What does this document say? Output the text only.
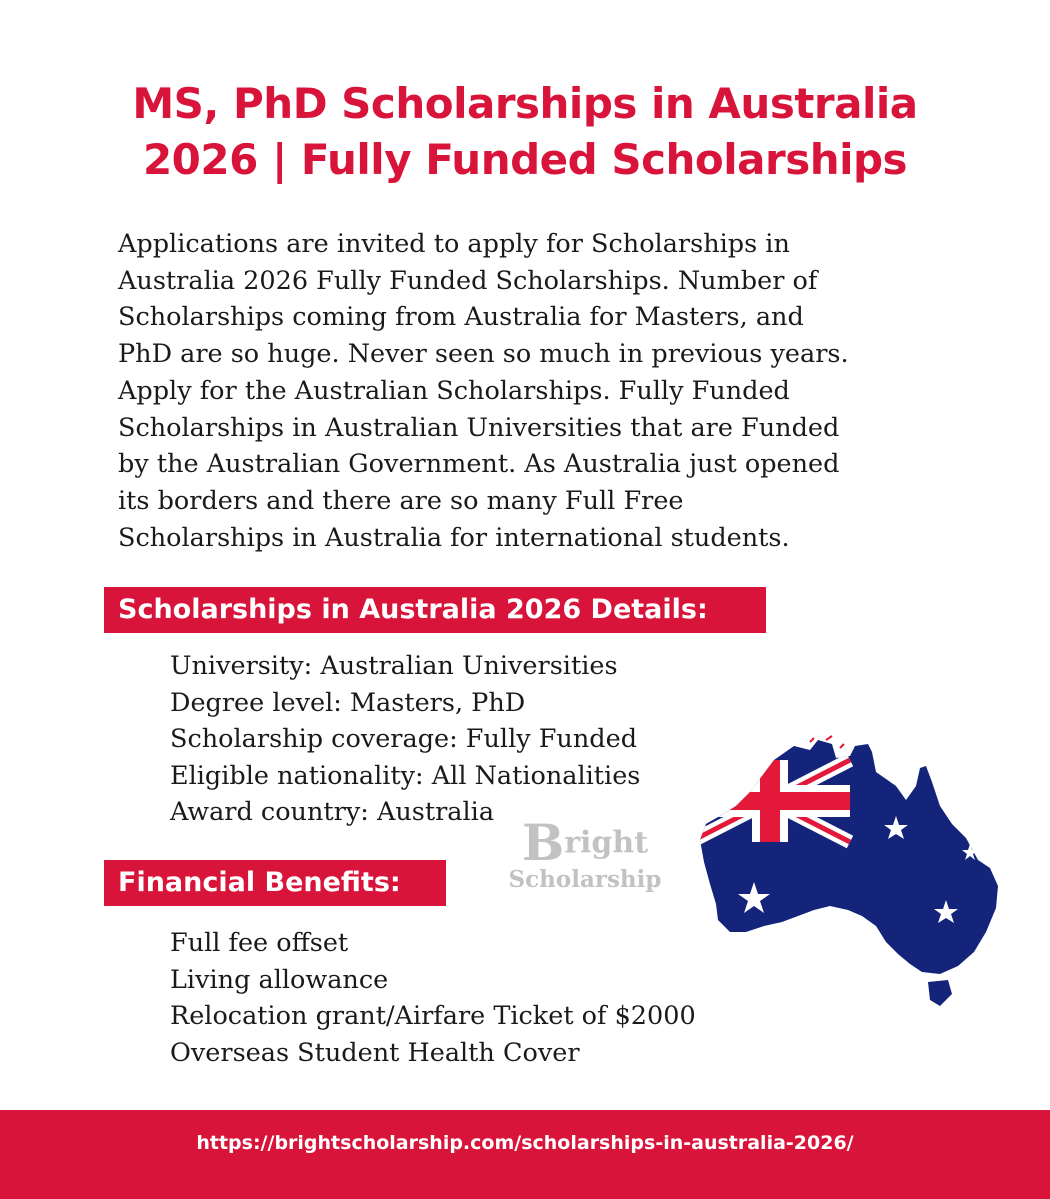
MS, PhD Scholarships in Australia
2026 | Fully Funded Scholarships

Applications are invited to apply for Scholarships in
Australia 2026 Fully Funded Scholarships. Number of
Scholarships coming from Australia for Masters, and
PhD are so huge. Never seen so much in previous years.
Apply for the Australian Scholarships. Fully Funded
Scholarships in Australian Universities that are Funded
by the Australian Government. As Australia just opened
its borders and there are so many Full Free
Scholarships in Australia for international students.

Scholarships in Australia 2026 Details:
University: Australian Universities
Degree level: Masters, PhD
Scholarship coverage: Fully Funded
Eligible nationality: All Nationalities
Award country: Australia
Bright
Scholarship
Financial Benefits:
Full fee offset
Living allowance
Relocation grant/Airfare Ticket of $2000
Overseas Student Health Cover
https://brightscholarship.com/scholarships-in-australia-2026/
